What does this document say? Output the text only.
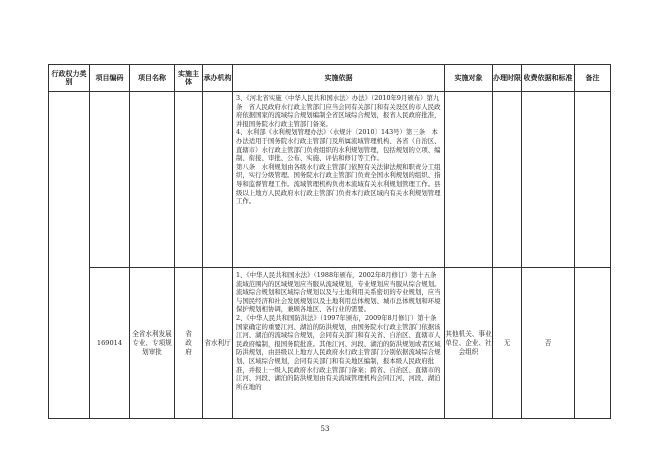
行政权力类别	项目编码	项目名称	实施主体	承办机构	实施依据	实施对象	办理时限	收费依据和标准	备注

					3、《河北省实施〈中华人民共和国水法〉办法》（2010年9月颁布）第九条　省人民政府水行政主管部门应当会同有关部门和有关设区的市人民政府依据国家的流域综合规划编制全省区域综合规划，报省人民政府批准，并报国务院水行政主管部门备案。

4、水利部《水利规划管理办法》（水规计〔2010〕143号）第三条　本办法适用于国务院水行政主管部门及所属流域管理机构、各省（自治区、直辖市）水行政主管部门负责组织的水利规划管理，包括规划的立项、编制、衔接、审批、公布、实施、评估和修订等工作。

第八条　水利规划由各级水行政主管部门依照有关法律法规和职责分工组织，实行分级管理。国务院水行政主管部门负责全国水利规划的组织、指导和监督管理工作。流域管理机构负责本流域有关水利规划管理工作。县级以上地方人民政府水行政主管部门负责本行政区域内有关水利规划管理工作。				

	169014	全省水利发展专业、专项规划审批	省政府	省水利厅	1、《中华人民共和国水法》（1988年颁布，2002年8月修订）第十五条　流域范围内的区域规划应当服从流域规划，专业规划应当服从综合规划。流域综合规划和区域综合规划以及与土地利用关系密切的专业规划，应当与国民经济和社会发展规划以及土地利用总体规划、城市总体规划和环境保护规划相协调，兼顾各地区、各行业的需要。

2、《中华人民共和国防洪法》（1997年颁布，2009年8月修订）第十条　国家确定的重要江河、湖泊的防洪规划，由国务院水行政主管部门依据该江河、湖泊的流域综合规划，会同有关部门和有关省、自治区、直辖市人民政府编制，报国务院批准。其他江河、河段、湖泊的防洪规划或者区域防洪规划，由县级以上地方人民政府水行政主管部门分别依据流域综合规划、区域综合规划，会同有关部门和有关地区编制，报本级人民政府批准，并报上一级人民政府水行政主管部门备案；跨省、自治区、直辖市的江河、河段、湖泊的防洪规划由有关流域管理机构会同江河、河段、湖泊所在地的	其他机关、事业单位、企业、社会组织	无	否	
53
